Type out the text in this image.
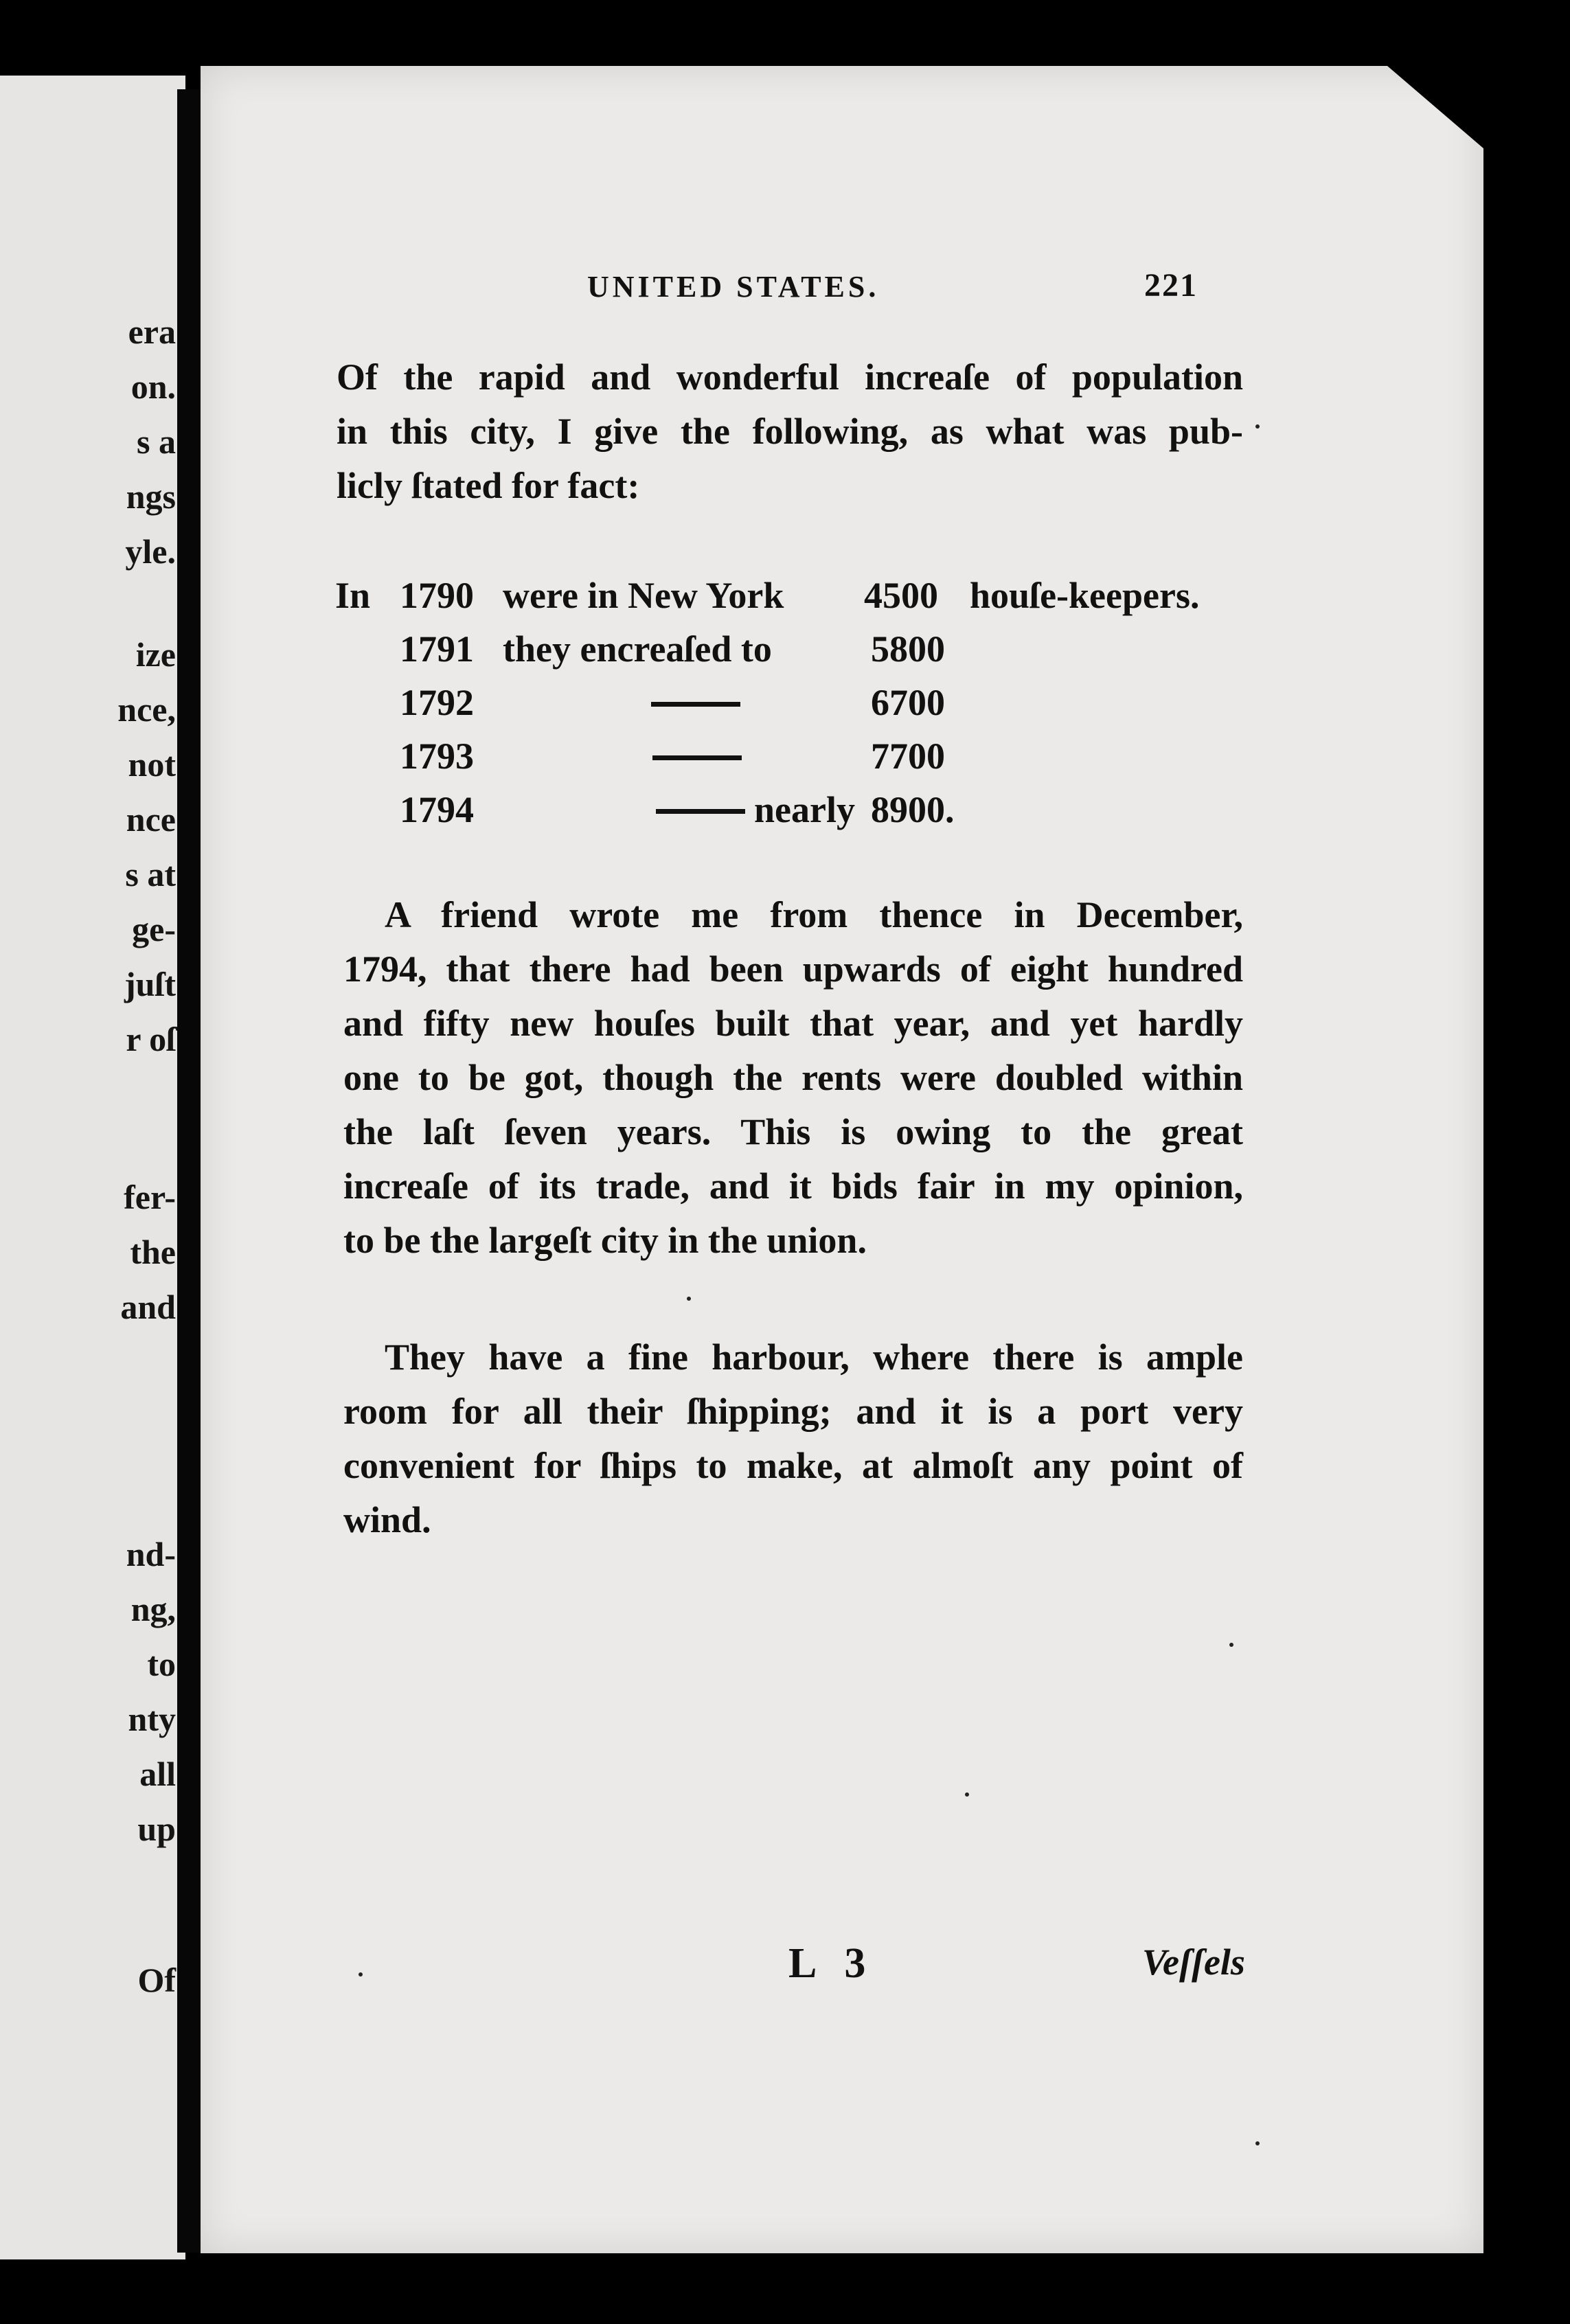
era
on.
s a
ngs
yle.
ize
nce,
not
nce
s at
ge-
juſt
r oſ
fer-
the
and
nd-
ng,
to
nty
all
up
Of
UNITED STATES.	221

Of the rapid and wonderful increaſe of population
in this city, I give the following, as what was pub-
licly ſtated for fact:

In 1790 were in New York 4500 houſe-keepers.
1791 they encreaſed to	5800
1792	6700
1793	7700
1794	nearly 8900.

A friend wrote me from thence in December,
1794, that there had been upwards of eight hundred
and fifty new houſes built that year, and yet hardly
one to be got, though the rents were doubled within
the laſt ſeven years. This is owing to the great
increaſe of its trade, and it bids fair in my opinion,
to be the largeſt city in the union.

They have a fine harbour, where there is ample
room for all their ſhipping; and it is a port very
convenient for ſhips to make, at almoſt any point of
wind.

L 3	Veſſels
